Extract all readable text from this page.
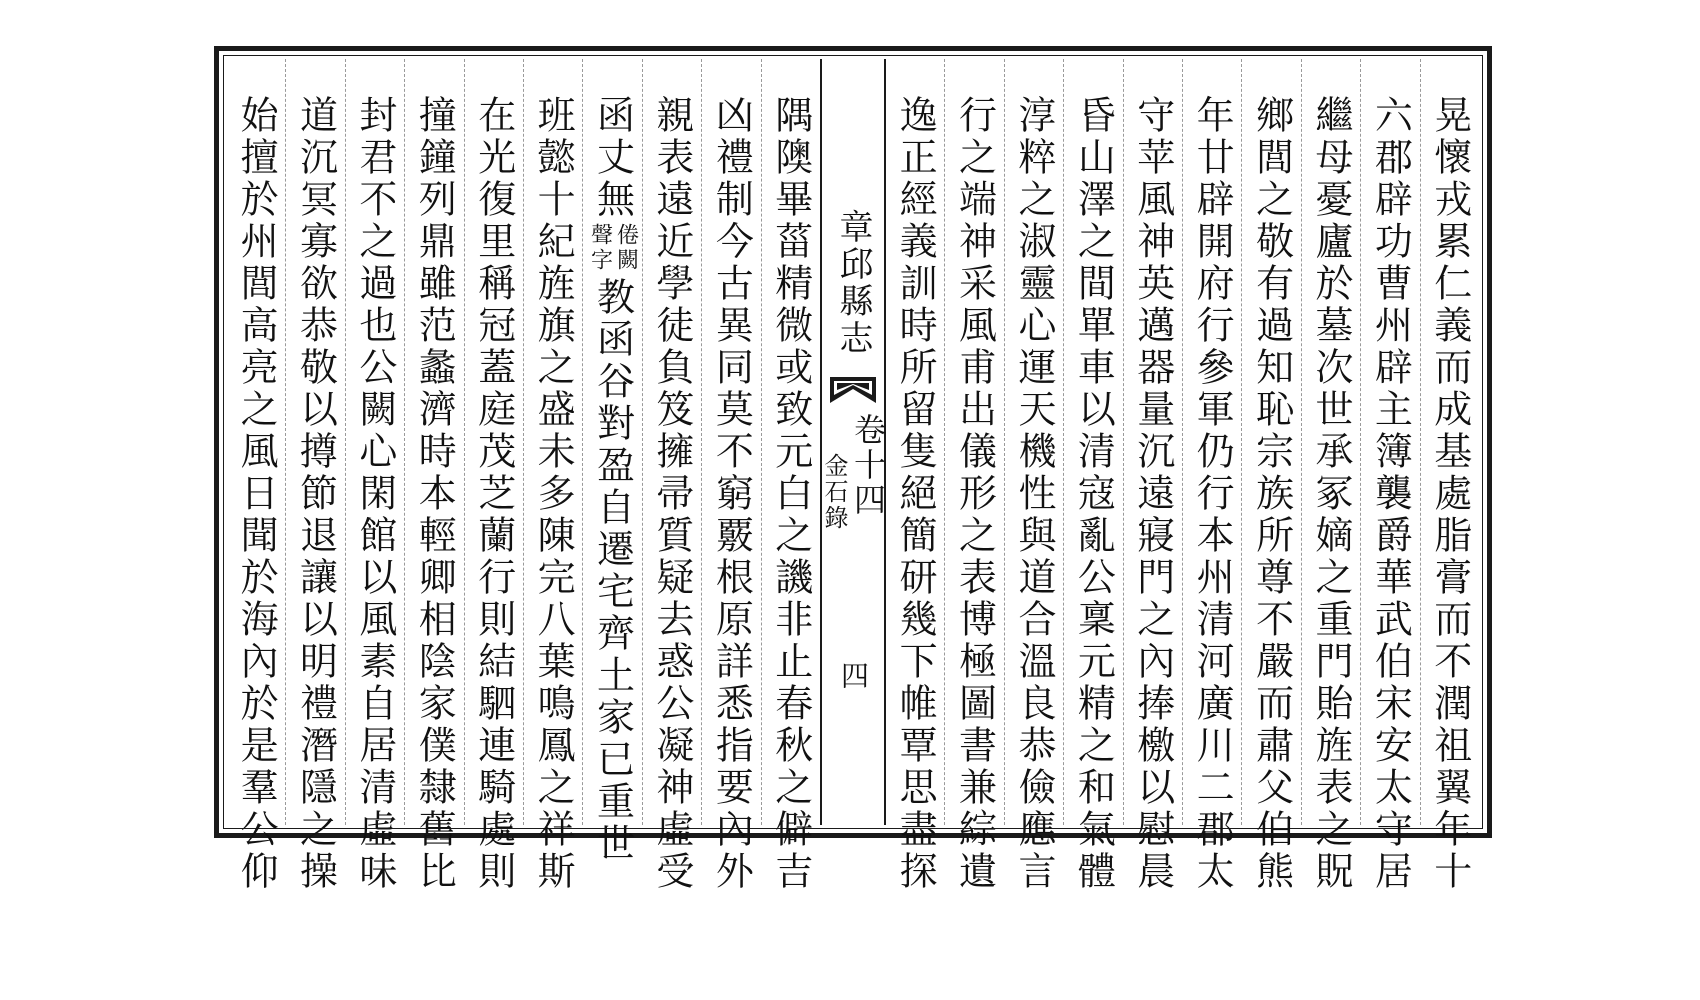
晃懷戎累仁義而成基處脂膏而不潤祖翼年十
六郡辟功曹州辟主簿襲爵華武伯宋安太守居
繼母憂廬於墓次世承冢嫡之重門貽旌表之貺
鄉閭之敬有過知恥宗族所尊不嚴而肅父伯熊
年廿辟開府行參軍仍行本州清河廣川二郡太
守苹風神英邁器量沉遠寢門之內捧檄以慰晨
昏山澤之間單車以清寇亂公稟元精之和氣體
淳粹之淑靈心運天機性與道合溫良恭儉應言
行之端神采風甫出儀形之表博極圖書兼綜遺
逸正經義訓時所留隻絕簡研幾下帷覃思盡探
章邱縣志
卷十四
金石錄
四
隅隩畢菑精微或致元白之譏非止春秋之僻吉
凶禮制今古異同莫不窮覈根原詳悉指要內外
親表遠近學徒負笈擁帚質疑去惑公凝神虛受
函丈無
倦闕
聲字
教函谷對盈自遷宅齊土家已重世
班懿十紀旌旗之盛未多陳完八葉鳴鳳之祥斯
在光復里稱冠蓋庭茂芝蘭行則結駟連騎處則
撞鐘列鼎雖范蠡濟時本輕卿相陰家僕隸舊比
封君不之過也公闕心閑館以風素自居清虛味
道沉冥寡欲恭敬以撙節退讓以明禮潛隱之操
始擅於州閭高亮之風日聞於海內於是羣公仰
